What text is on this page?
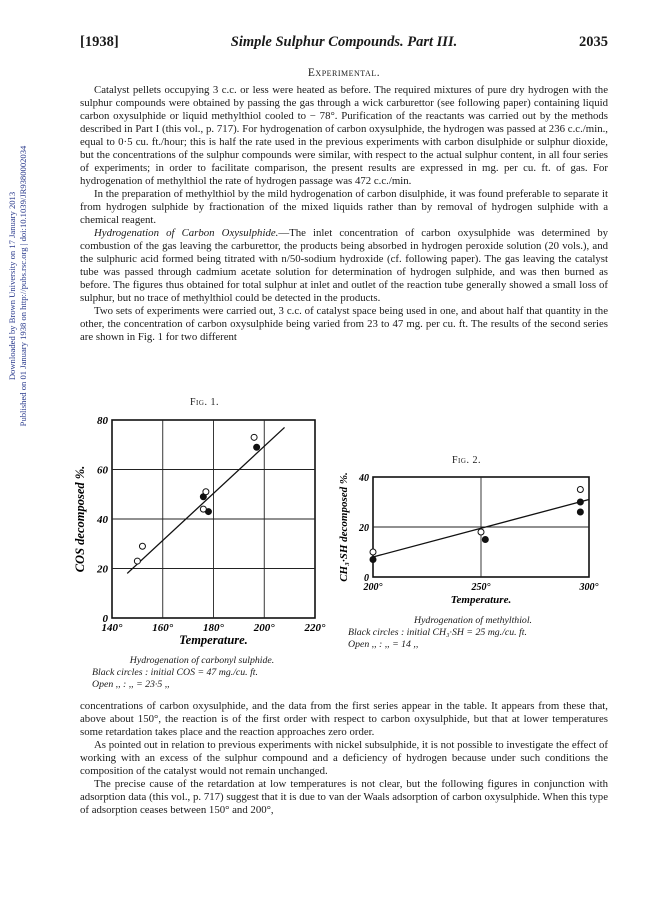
Downloaded by Brown University on 17 January 2013 Published on 01 January 1938 on http://pubs.rsc.org | doi:10.1039/JR9380002034
[1938]	Simple Sulphur Compounds. Part III.	2035
Experimental.

Catalyst pellets occupying 3 c.c. or less were heated as before. The required mixtures of pure dry hydrogen with the sulphur compounds were obtained by passing the gas through a wick carburettor (see following paper) containing liquid carbon oxysulphide or liquid methylthiol cooled to − 78°. Purification of the reactants was carried out by the methods described in Part I (this vol., p. 717). For hydrogenation of carbon oxysulphide, the hydrogen was passed at 236 c.c./min., equal to 0·5 cu. ft./hour; this is half the rate used in the previous experiments with carbon disulphide or sulphur dioxide, but the concentrations of the sulphur compounds were similar, with respect to the actual sulphur content, in all four series of experiments; in order to facilitate comparison, the present results are expressed in mg. per cu. ft. of gas. For hydrogenation of methylthiol the rate of hydrogen passage was 472 c.c./min.

In the preparation of methylthiol by the mild hydrogenation of carbon disulphide, it was found preferable to separate it from hydrogen sulphide by fractionation of the mixed liquids rather than by removal of hydrogen sulphide with a chemical reagent.

Hydrogenation of Carbon Oxysulphide.—The inlet concentration of carbon oxysulphide was determined by combustion of the gas leaving the carburettor, the products being absorbed in hydrogen peroxide solution (20 vols.), and the sulphuric acid formed being titrated with n/50-sodium hydroxide (cf. following paper). The gas leaving the catalyst tube was passed through cadmium acetate solution for determination of hydrogen sulphide, and was then burned as before. The figures thus obtained for total sulphur at inlet and outlet of the reaction tube generally showed a small loss of sulphur, but no trace of methylthiol could be detected in the products.

Two sets of experiments were carried out, 3 c.c. of catalyst space being used in one, and about half that quantity in the other, the concentration of carbon oxysulphide being varied from 23 to 47 mg. per cu. ft. The results of the second series are shown in Fig. 1 for two different

Fig. 1.
140°	160°	180°	200°	220°
0
20
40
60
80
Temperature.
COS decomposed %.
Hydrogenation of carbonyl sulphide.
Black circles : initial COS = 47 mg./cu. ft.
Open ,, : ,, = 23·5 ,,
Fig. 2.
200°	250°	300°
0
20
40
Temperature.
CH₃·SH decomposed %.
Hydrogenation of methylthiol.
Black circles : initial CH₃·SH = 25 mg./cu. ft.
Open ,, : ,, = 14 ,,

concentrations of carbon oxysulphide, and the data from the first series appear in the table. It appears from these that, above about 150°, the reaction is of the first order with respect to carbon oxysulphide, but that at lower temperatures some retardation takes place and the reaction approaches zero order.

As pointed out in relation to previous experiments with nickel subsulphide, it is not possible to investigate the effect of working with an excess of the sulphur compound and a deficiency of hydrogen because under such conditions the composition of the catalyst would not remain unchanged.

The precise cause of the retardation at low temperatures is not clear, but the following figures in conjunction with adsorption data (this vol., p. 717) suggest that it is due to van der Waals adsorption of carbon oxysulphide. When this type of adsorption ceases between 150° and 200°,
